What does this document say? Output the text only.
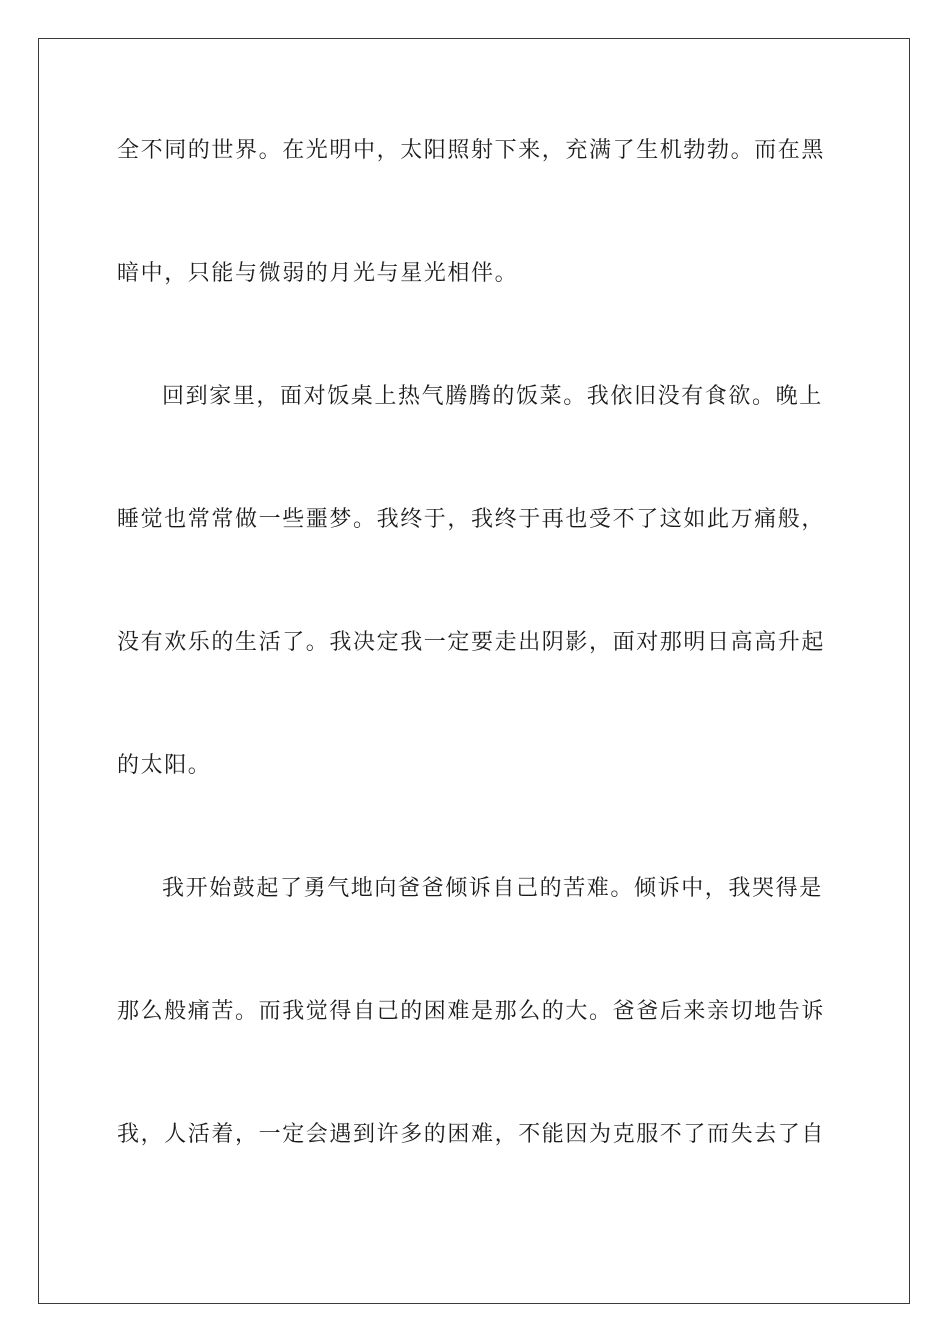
全不同的世界。在光明中，太阳照射下来，充满了生机勃勃。而在黑
暗中，只能与微弱的月光与星光相伴。
回到家里，面对饭桌上热气腾腾的饭菜。我依旧没有食欲。晚上
睡觉也常常做一些噩梦。我终于，我终于再也受不了这如此万痛般，
没有欢乐的生活了。我决定我一定要走出阴影，面对那明日高高升起
的太阳。
我开始鼓起了勇气地向爸爸倾诉自己的苦难。倾诉中，我哭得是
那么般痛苦。而我觉得自己的困难是那么的大。爸爸后来亲切地告诉
我，人活着，一定会遇到许多的困难，不能因为克服不了而失去了自
